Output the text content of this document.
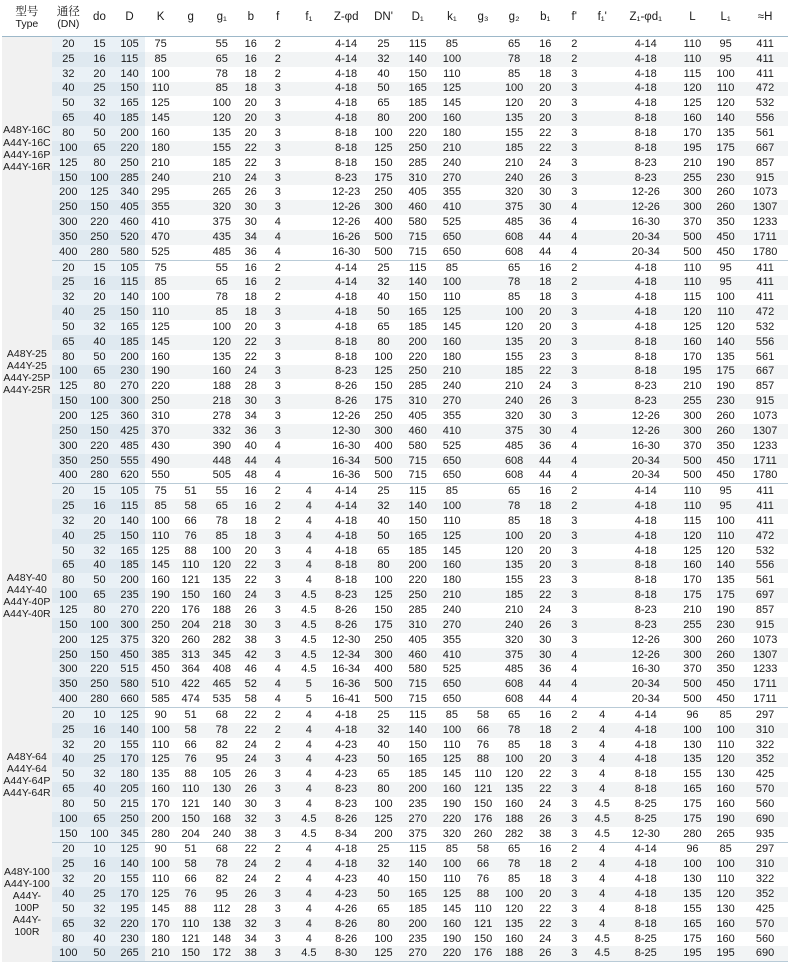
型号
Type	通径
(DN)	do	D	K	g	g₁	b	f	f₁	Z-φd	DN'	D₁	k₁	g₃	g₂	b₁	f'	f₁'	Z₁-φd₁	L	L₁	≈H
A48Y-16C
A44Y-16C
A44Y-16P
A44Y-16R	20	15	105	75		55	16	2		4-14	25	115	85		65	16	2		4-14	110	95	411
	25	16	115	85		65	16	2		4-14	32	140	100		78	18	2		4-18	110	95	411
	32	20	140	100		78	18	2		4-18	40	150	110		85	18	3		4-18	115	100	411
	40	25	150	110		85	18	3		4-18	50	165	125		100	20	3		4-18	120	110	472
	50	32	165	125		100	20	3		4-18	65	185	145		120	20	3		4-18	125	120	532
	65	40	185	145		120	20	3		4-18	80	200	160		135	20	3		8-18	160	140	556
	80	50	200	160		135	20	3		8-18	100	220	180		155	22	3		8-18	170	135	561
	100	65	220	180		155	22	3		8-18	125	250	210		185	22	3		8-18	195	175	667
	125	80	250	210		185	22	3		8-18	150	285	240		210	24	3		8-23	210	190	857
	150	100	285	240		210	24	3		8-23	175	310	270		240	26	3		8-23	255	230	915
	200	125	340	295		265	26	3		12-23	250	405	355		320	30	3		12-26	300	260	1073
	250	150	405	355		320	30	3		12-26	300	460	410		375	30	4		12-26	300	260	1307
	300	220	460	410		375	30	4		12-26	400	580	525		485	36	4		16-30	370	350	1233
	350	250	520	470		435	34	4		16-26	500	715	650		608	44	4		20-34	500	450	1711
	400	280	580	525		485	36	4		16-30	500	715	650		608	44	4		20-34	500	450	1780
A48Y-25
A44Y-25
A44Y-25P
A44Y-25R	20	15	105	75		55	16	2		4-14	25	115	85		65	16	2		4-18	110	95	411
	25	16	115	85		65	16	2		4-14	32	140	100		78	18	2		4-18	110	95	411
	32	20	140	100		78	18	2		4-18	40	150	110		85	18	3		4-18	115	100	411
	40	25	150	110		85	18	3		4-18	50	165	125		100	20	3		4-18	120	110	472
	50	32	165	125		100	20	3		4-18	65	185	145		120	20	3		4-18	125	120	532
	65	40	185	145		120	22	3		8-18	80	200	160		135	20	3		8-18	160	140	556
	80	50	200	160		135	22	3		8-18	100	220	180		155	23	3		8-18	170	135	561
	100	65	230	190		160	24	3		8-23	125	250	210		185	22	3		8-18	195	175	667
	125	80	270	220		188	28	3		8-26	150	285	240		210	24	3		8-23	210	190	857
	150	100	300	250		218	30	3		8-26	175	310	270		240	26	3		8-23	255	230	915
	200	125	360	310		278	34	3		12-26	250	405	355		320	30	3		12-26	300	260	1073
	250	150	425	370		332	36	3		12-30	300	460	410		375	30	4		12-26	300	260	1307
	300	220	485	430		390	40	4		16-30	400	580	525		485	36	4		16-30	370	350	1233
	350	250	555	490		448	44	4		16-34	500	715	650		608	44	4		20-34	500	450	1711
	400	280	620	550		505	48	4		16-36	500	715	650		608	44	4		20-34	500	450	1780
A48Y-40
A44Y-40
A44Y-40P
A44Y-40R	20	15	105	75	51	55	16	2	4	4-14	25	115	85		65	16	2		4-14	110	95	411
	25	16	115	85	58	65	16	2	4	4-14	32	140	100		78	18	2		4-18	110	95	411
	32	20	140	100	66	78	18	2	4	4-18	40	150	110		85	18	3		4-18	115	100	411
	40	25	150	110	76	85	18	3	4	4-18	50	165	125		100	20	3		4-18	120	110	472
	50	32	165	125	88	100	20	3	4	4-18	65	185	145		120	20	3		4-18	125	120	532
	65	40	185	145	110	120	22	3	4	8-18	80	200	160		135	20	3		8-18	160	140	556
	80	50	200	160	121	135	22	3	4	8-18	100	220	180		155	23	3		8-18	170	135	561
	100	65	235	190	150	160	24	3	4.5	8-23	125	250	210		185	22	3		8-18	175	175	697
	125	80	270	220	176	188	26	3	4.5	8-26	150	285	240		210	24	3		8-23	210	190	857
	150	100	300	250	204	218	30	3	4.5	8-26	175	310	270		240	26	3		8-23	255	230	915
	200	125	375	320	260	282	38	3	4.5	12-30	250	405	355		320	30	3		12-26	300	260	1073
	250	150	450	385	313	345	42	3	4.5	12-34	300	460	410		375	30	4		12-26	300	260	1307
	300	220	515	450	364	408	46	4	4.5	16-34	400	580	525		485	36	4		16-30	370	350	1233
	350	250	580	510	422	465	52	4	5	16-36	500	715	650		608	44	4		20-34	500	450	1711
	400	280	660	585	474	535	58	4	5	16-41	500	715	650		608	44	4		20-34	500	450	1711
A48Y-64
A44Y-64
A44Y-64P
A44Y-64R	20	10	125	90	51	68	22	2	4	4-18	25	115	85	58	65	16	2	4	4-14	96	85	297
	25	16	140	100	58	78	22	2	4	4-18	32	140	100	66	78	18	2	4	4-18	100	100	310
	32	20	155	110	66	82	24	2	4	4-23	40	150	110	76	85	18	3	4	4-18	130	110	322
	40	25	170	125	76	95	24	3	4	4-23	50	165	125	88	100	20	3	4	4-18	135	120	352
	50	32	180	135	88	105	26	3	4	4-23	65	185	145	110	120	22	3	4	8-18	155	130	425
	65	40	205	160	110	130	26	3	4	8-23	80	200	160	121	135	22	3	4	8-18	165	160	570
	80	50	215	170	121	140	30	3	4	8-23	100	235	190	150	160	24	3	4.5	8-25	175	160	560
	100	65	250	200	150	168	32	3	4.5	8-26	125	270	220	176	188	26	3	4.5	8-25	175	190	690
	150	100	345	280	204	240	38	3	4.5	8-34	200	375	320	260	282	38	3	4.5	12-30	280	265	935
A48Y-100
A44Y-100
A44Y-100P
A44Y-100R	20	10	125	90	51	68	22	2	4	4-18	25	115	85	58	65	16	2	4	4-14	96	85	297
	25	16	140	100	58	78	24	2	4	4-18	32	140	100	66	78	18	2	4	4-18	100	100	310
	32	20	155	110	66	82	24	2	4	4-23	40	150	110	76	85	18	3	4	4-18	130	110	322
	40	25	170	125	76	95	26	3	4	4-23	50	165	125	88	100	20	3	4	4-18	135	120	352
	50	32	195	145	88	112	28	3	4	4-26	65	185	145	110	120	22	3	4	8-18	155	130	425
	65	32	220	170	110	138	32	3	4	8-26	80	200	160	121	135	22	3	4	8-18	165	160	570
	80	40	230	180	121	148	34	3	4	8-26	100	235	190	150	160	24	3	4.5	8-25	175	160	560
	100	50	265	210	150	172	38	3	4.5	8-30	125	270	220	176	188	26	3	4.5	8-25	195	195	690
